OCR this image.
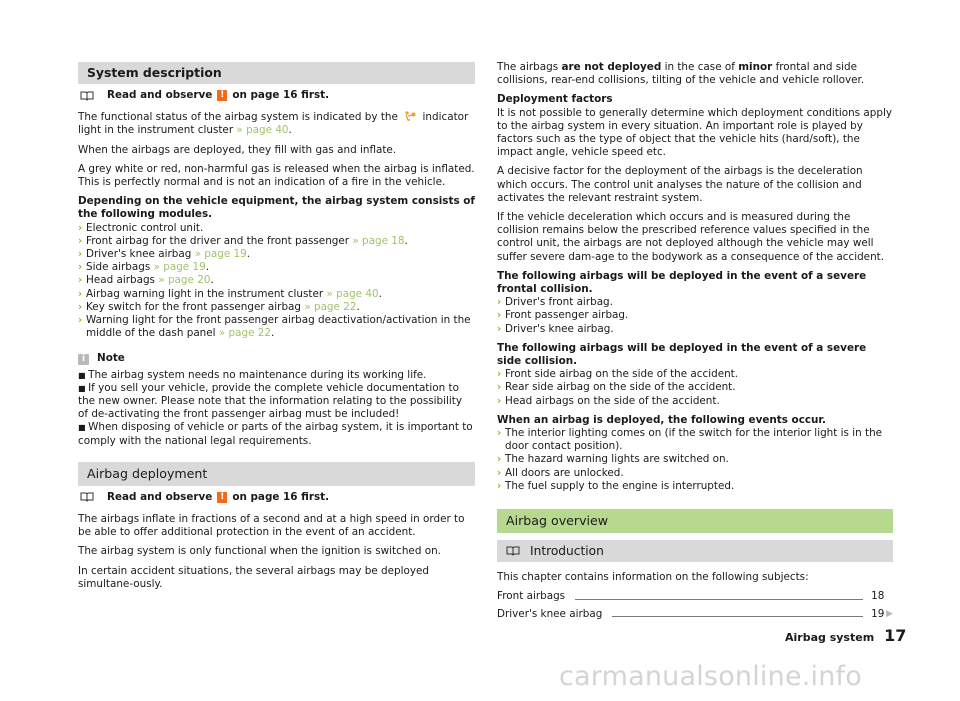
System description
Read and observe ! on page 16 first.

The functional status of the airbag system is indicated by the indicator light in the instrument cluster » page 40.

When the airbags are deployed, they fill with gas and inflate.

A grey white or red, non-harmful gas is released when the airbag is inflated. This is perfectly normal and is not an indication of a fire in the vehicle.

Depending on the vehicle equipment, the airbag system consists of the following modules.

› Electronic control unit.
› Front airbag for the driver and the front passenger » page 18.
› Driver's knee airbag » page 19.
› Side airbags » page 19.
› Head airbags » page 20.
› Airbag warning light in the instrument cluster » page 40.
› Key switch for the front passenger airbag » page 22.
› Warning light for the front passenger airbag deactivation/activation in the middle of the dash panel » page 22.
i	Note
■ The airbag system needs no maintenance during its working life.
■ If you sell your vehicle, provide the complete vehicle documentation to the new owner. Please note that the information relating to the possibility of de-activating the front passenger airbag must be included!
■ When disposing of vehicle or parts of the airbag system, it is important to comply with the national legal requirements.
Airbag deployment
Read and observe ! on page 16 first.

The airbags inflate in fractions of a second and at a high speed in order to be able to offer additional protection in the event of an accident.

The airbag system is only functional when the ignition is switched on.

In certain accident situations, the several airbags may be deployed simultane-ously.

The airbags are not deployed in the case of minor frontal and side collisions, rear-end collisions, tilting of the vehicle and vehicle rollover.

Deployment factors
It is not possible to generally determine which deployment conditions apply to the airbag system in every situation. An important role is played by factors such as the type of object that the vehicle hits (hard/soft), the impact angle, vehicle speed etc.

A decisive factor for the deployment of the airbags is the deceleration which occurs. The control unit analyses the nature of the collision and activates the relevant restraint system.

If the vehicle deceleration which occurs and is measured during the collision remains below the prescribed reference values specified in the control unit, the airbags are not deployed although the vehicle may well suffer severe dam-age to the bodywork as a consequence of the accident.

The following airbags will be deployed in the event of a severe frontal collision.

› Driver's front airbag.
› Front passenger airbag.
› Driver's knee airbag.

The following airbags will be deployed in the event of a severe side collision.

› Front side airbag on the side of the accident.
› Rear side airbag on the side of the accident.
› Head airbags on the side of the accident.

When an airbag is deployed, the following events occur.

› The interior lighting comes on (if the switch for the interior light is in the door contact position).
› The hazard warning lights are switched on.
› All doors are unlocked.
› The fuel supply to the engine is interrupted.
Airbag overview
Introduction

This chapter contains information on the following subjects:

Front airbags	18
Driver's knee airbag	19 ▶
Airbag system 17
carmanualsonline.info
